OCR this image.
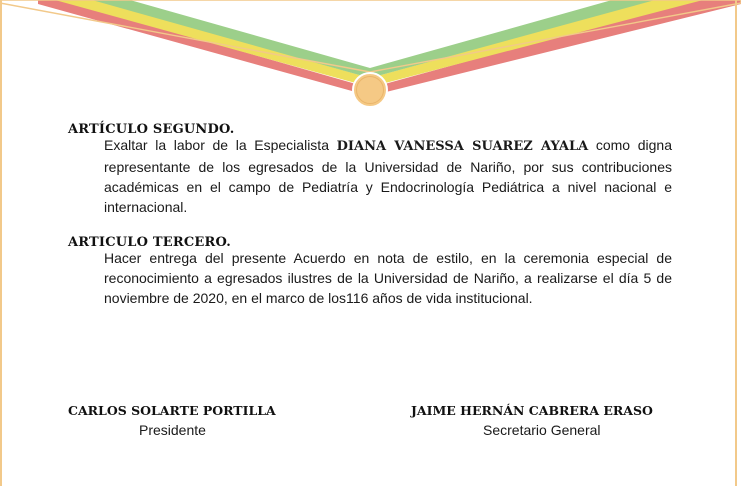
ARTÍCULO SEGUNDO.
Exaltar la labor de la Especialista DIANA VANESSA SUAREZ AYALA como digna representante de los egresados de la Universidad de Nariño, por sus contribuciones académicas en el campo de Pediatría y Endocrinología Pediátrica a nivel nacional e internacional.
ARTICULO TERCERO.
Hacer entrega del presente Acuerdo en nota de estilo, en la ceremonia especial de reconocimiento a egresados ilustres de la Universidad de Nariño, a realizarse el día 5 de noviembre de 2020, en el marco de los116 años de vida institucional.
CARLOS SOLARTE PORTILLA
Presidente
JAIME HERNÁN CABRERA ERASO
Secretario General
